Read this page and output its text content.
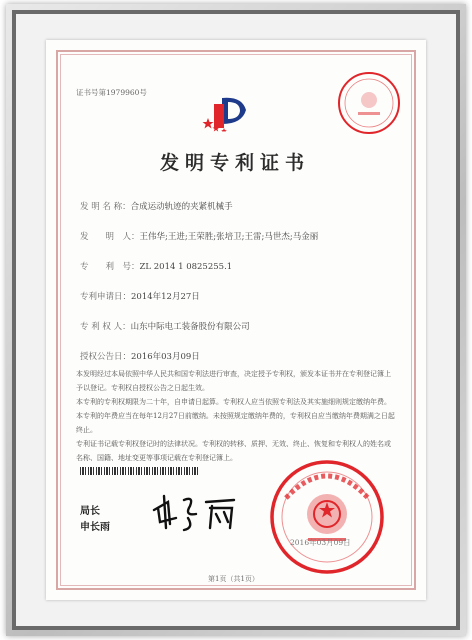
证书号第1979960号
发明专利证书
发 明 名 称：合成运动轨迹的夹紧机械手
发　　明　人：王伟华;王进;王荣胜;张培卫;王雷;马世杰;马金丽
专　　利　号：ZL 2014 1 0825255.1
专利申请日：2014年12月27日
专 利 权 人：山东中际电工装备股份有限公司
授权公告日：2016年03月09日
本发明经过本局依照中华人民共和国专利法进行审查，决定授予专利权，颁发本证书并在专利登记簿上予以登记。专利权自授权公告之日起生效。
本专利的专利权期限为二十年，自申请日起算。专利权人应当依照专利法及其实施细则规定缴纳年费。本专利的年费应当在每年12月27日前缴纳。未按照规定缴纳年费的，专利权自应当缴纳年费期满之日起终止。
专利证书记载专利权登记时的法律状况。专利权的转移、质押、无效、终止、恢复和专利权人的姓名或名称、国籍、地址变更等事项记载在专利登记簿上。
局长
申长雨
2016年03月09日
第1页（共1页）
